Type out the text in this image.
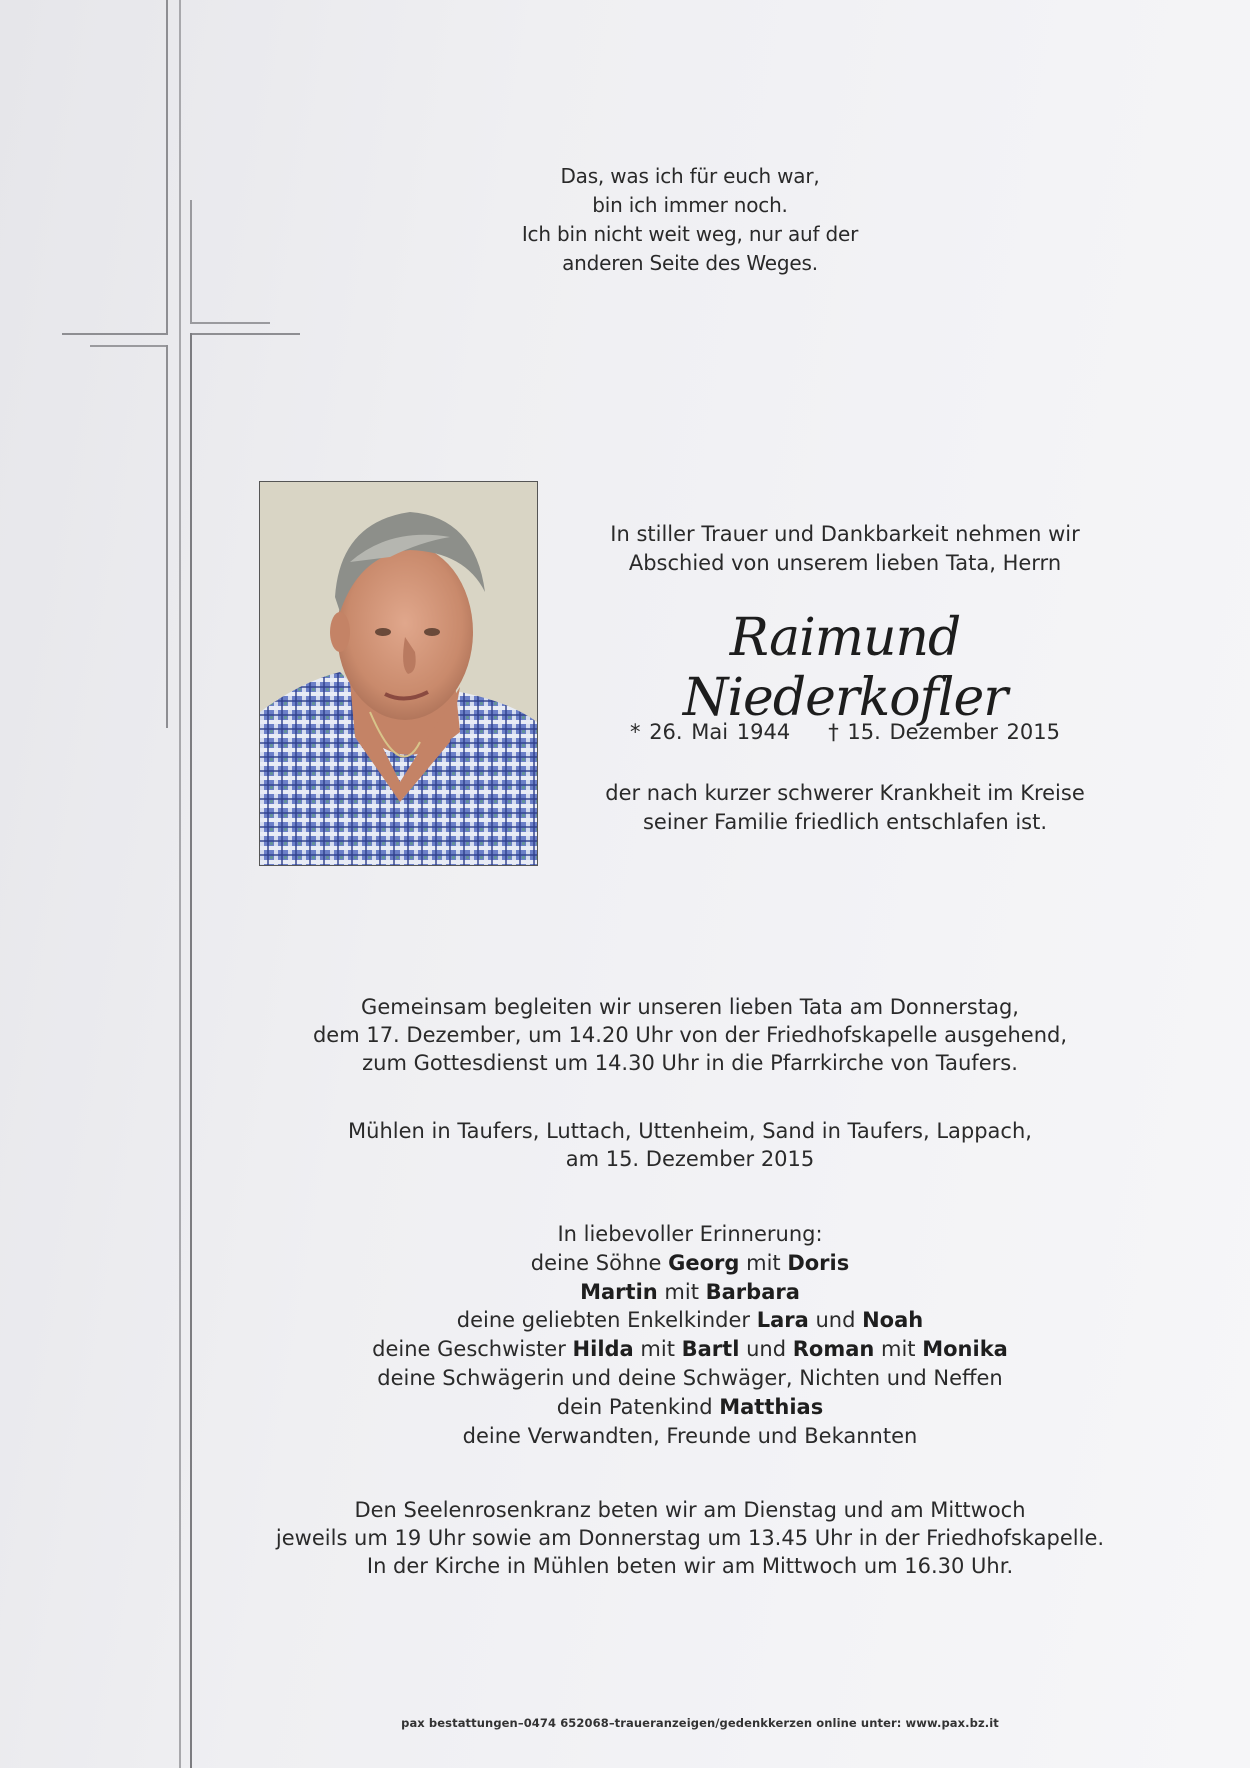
Das, was ich für euch war,
bin ich immer noch.
Ich bin nicht weit weg, nur auf der
anderen Seite des Weges.
In stiller Trauer und Dankbarkeit nehmen wir
Abschied von unserem lieben Tata, Herrn
Raimund Niederkofler
* 26. Mai 1944 † 15. Dezember 2015
der nach kurzer schwerer Krankheit im Kreise
seiner Familie friedlich entschlafen ist.
Gemeinsam begleiten wir unseren lieben Tata am Donnerstag,
dem 17. Dezember, um 14.20 Uhr von der Friedhofskapelle ausgehend,
zum Gottesdienst um 14.30 Uhr in die Pfarrkirche von Taufers.
Mühlen in Taufers, Luttach, Uttenheim, Sand in Taufers, Lappach,
am 15. Dezember 2015
In liebevoller Erinnerung:
deine Söhne Georg mit Doris
Martin mit Barbara
deine geliebten Enkelkinder Lara und Noah
deine Geschwister Hilda mit Bartl und Roman mit Monika
deine Schwägerin und deine Schwäger, Nichten und Neffen
dein Patenkind Matthias
deine Verwandten, Freunde und Bekannten
Den Seelenrosenkranz beten wir am Dienstag und am Mittwoch
jeweils um 19 Uhr sowie am Donnerstag um 13.45 Uhr in der Friedhofskapelle.
In der Kirche in Mühlen beten wir am Mittwoch um 16.30 Uhr.
pax bestattungen–0474 652068–traueranzeigen/gedenkkerzen online unter: www.pax.bz.it
